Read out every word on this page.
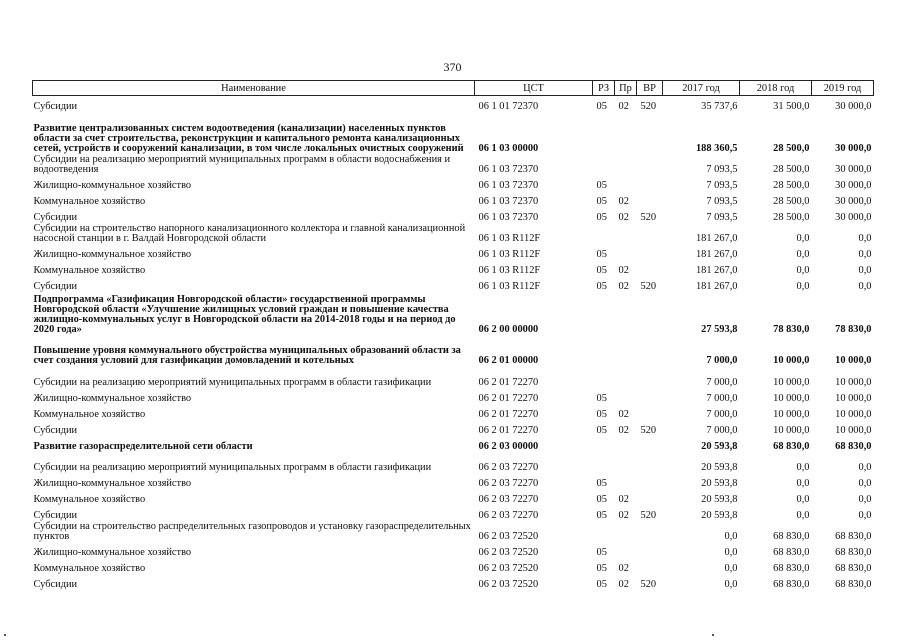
370
Наименование	ЦСТ	РЗ	Пр	ВР	2017 год	2018 год	2019 год
Субсидии	06 1 01 72370	05	02	520	35 737,6	31 500,0	30 000,0
Развитие централизованных систем водоотведения (канализации) населенных пунктов области за счет строительства, реконструкции и капитального ремонта канализационных сетей, устройств и сооружений канализации, в том числе локальных очистных сооружений	06 1 03 00000				188 360,5	28 500,0	30 000,0
Субсидии на реализацию мероприятий муниципальных программ в области водоснабжения и водоотведения	06 1 03 72370				7 093,5	28 500,0	30 000,0
Жилищно-коммунальное хозяйство	06 1 03 72370	05			7 093,5	28 500,0	30 000,0
Коммунальное хозяйство	06 1 03 72370	05	02		7 093,5	28 500,0	30 000,0
Субсидии	06 1 03 72370	05	02	520	7 093,5	28 500,0	30 000,0
Субсидии на строительство напорного канализационного коллектора и главной канализационной насосной станции в г. Валдай Новгородской области	06 1 03 R112F				181 267,0	0,0	0,0
Жилищно-коммунальное хозяйство	06 1 03 R112F	05			181 267,0	0,0	0,0
Коммунальное хозяйство	06 1 03 R112F	05	02		181 267,0	0,0	0,0
Субсидии	06 1 03 R112F	05	02	520	181 267,0	0,0	0,0
Подпрограмма «Газификация Новгородской области» государственной программы Новгородской области «Улучшение жилищных условий граждан и повышение качества жилищно-коммунальных услуг в Новгородской области на 2014-2018 годы и на период до 2020 года»	06 2 00 00000				27 593,8	78 830,0	78 830,0
Повышение уровня коммунального обустройства муниципальных образований области за счет создания условий для газификации домовладений и котельных	06 2 01 00000				7 000,0	10 000,0	10 000,0
Субсидии на реализацию мероприятий муниципальных программ в области газификации	06 2 01 72270				7 000,0	10 000,0	10 000,0
Жилищно-коммунальное хозяйство	06 2 01 72270	05			7 000,0	10 000,0	10 000,0
Коммунальное хозяйство	06 2 01 72270	05	02		7 000,0	10 000,0	10 000,0
Субсидии	06 2 01 72270	05	02	520	7 000,0	10 000,0	10 000,0
Развитие газораспределительной сети области	06 2 03 00000				20 593,8	68 830,0	68 830,0
Субсидии на реализацию мероприятий муниципальных программ в области газификации	06 2 03 72270				20 593,8	0,0	0,0
Жилищно-коммунальное хозяйство	06 2 03 72270	05			20 593,8	0,0	0,0
Коммунальное хозяйство	06 2 03 72270	05	02		20 593,8	0,0	0,0
Субсидии	06 2 03 72270	05	02	520	20 593,8	0,0	0,0
Субсидии на строительство распределительных газопроводов и установку газораспределительных пунктов	06 2 03 72520				0,0	68 830,0	68 830,0
Жилищно-коммунальное хозяйство	06 2 03 72520	05			0,0	68 830,0	68 830,0
Коммунальное хозяйство	06 2 03 72520	05	02		0,0	68 830,0	68 830,0
Субсидии	06 2 03 72520	05	02	520	0,0	68 830,0	68 830,0
